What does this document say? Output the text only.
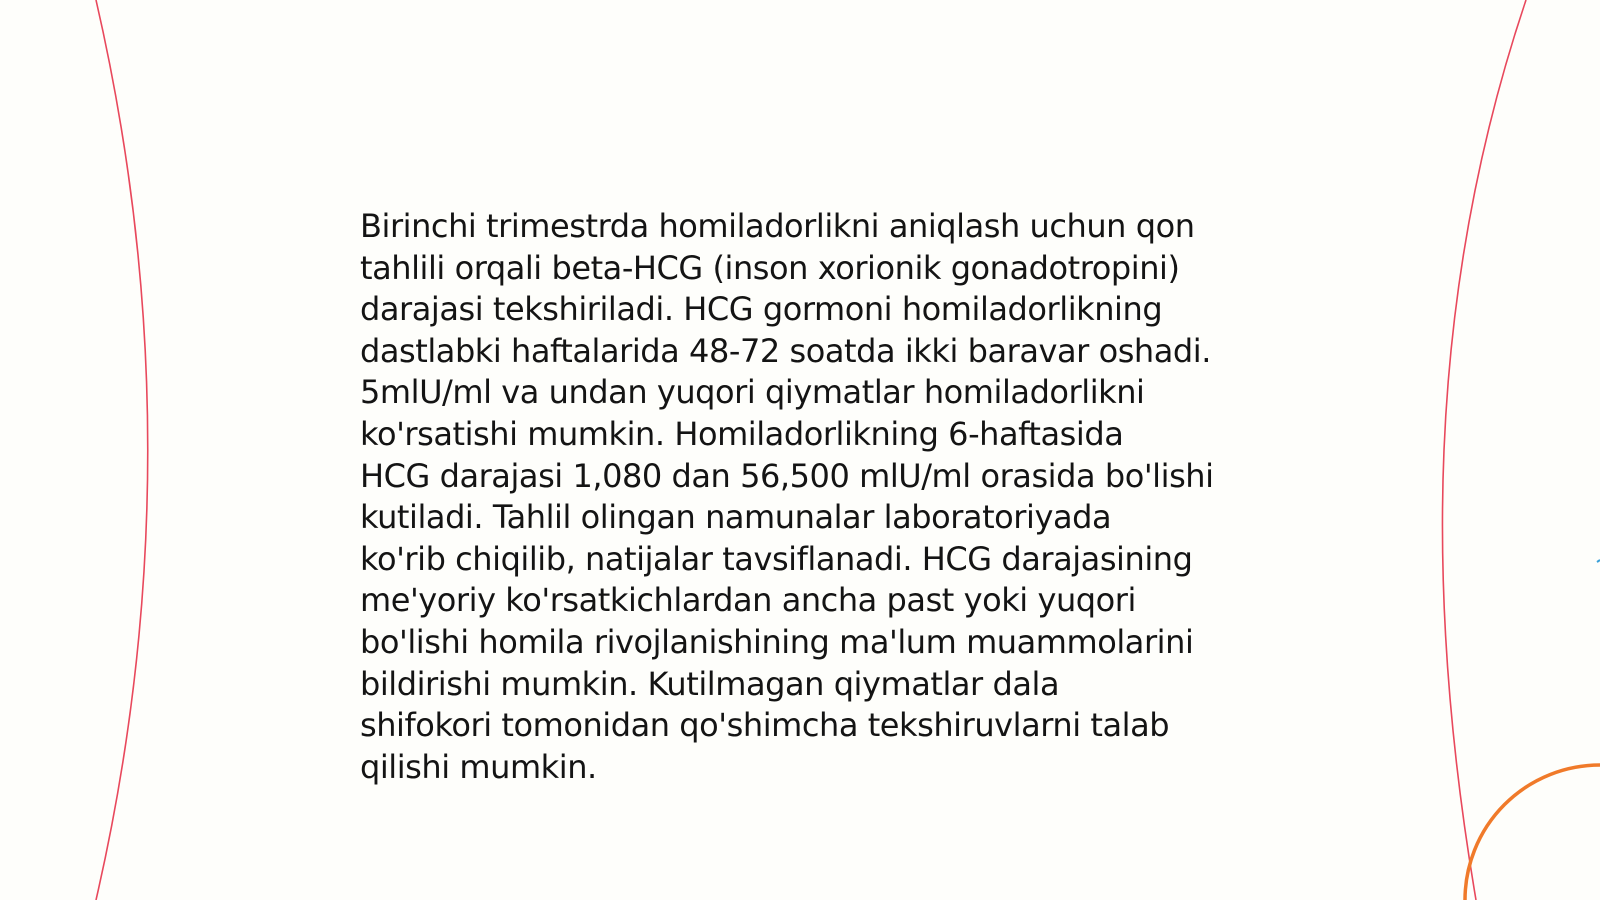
Birinchi trimestrda homiladorlikni aniqlash uchun qon
tahlili orqali beta-HCG (inson xorionik gonadotropini)
darajasi tekshiriladi. HCG gormoni homiladorlikning
dastlabki haftalarida 48-72 soatda ikki baravar oshadi.
5mlU/ml va undan yuqori qiymatlar homiladorlikni
ko'rsatishi mumkin. Homiladorlikning 6-haftasida
HCG darajasi 1,080 dan 56,500 mlU/ml orasida bo'lishi
kutiladi. Tahlil olingan namunalar laboratoriyada
ko'rib chiqilib, natijalar tavsiflanadi. HCG darajasining
me'yoriy ko'rsatkichlardan ancha past yoki yuqori
bo'lishi homila rivojlanishining ma'lum muammolarini
bildirishi mumkin. Kutilmagan qiymatlar dala
shifokori tomonidan qo'shimcha tekshiruvlarni talab
qilishi mumkin.
